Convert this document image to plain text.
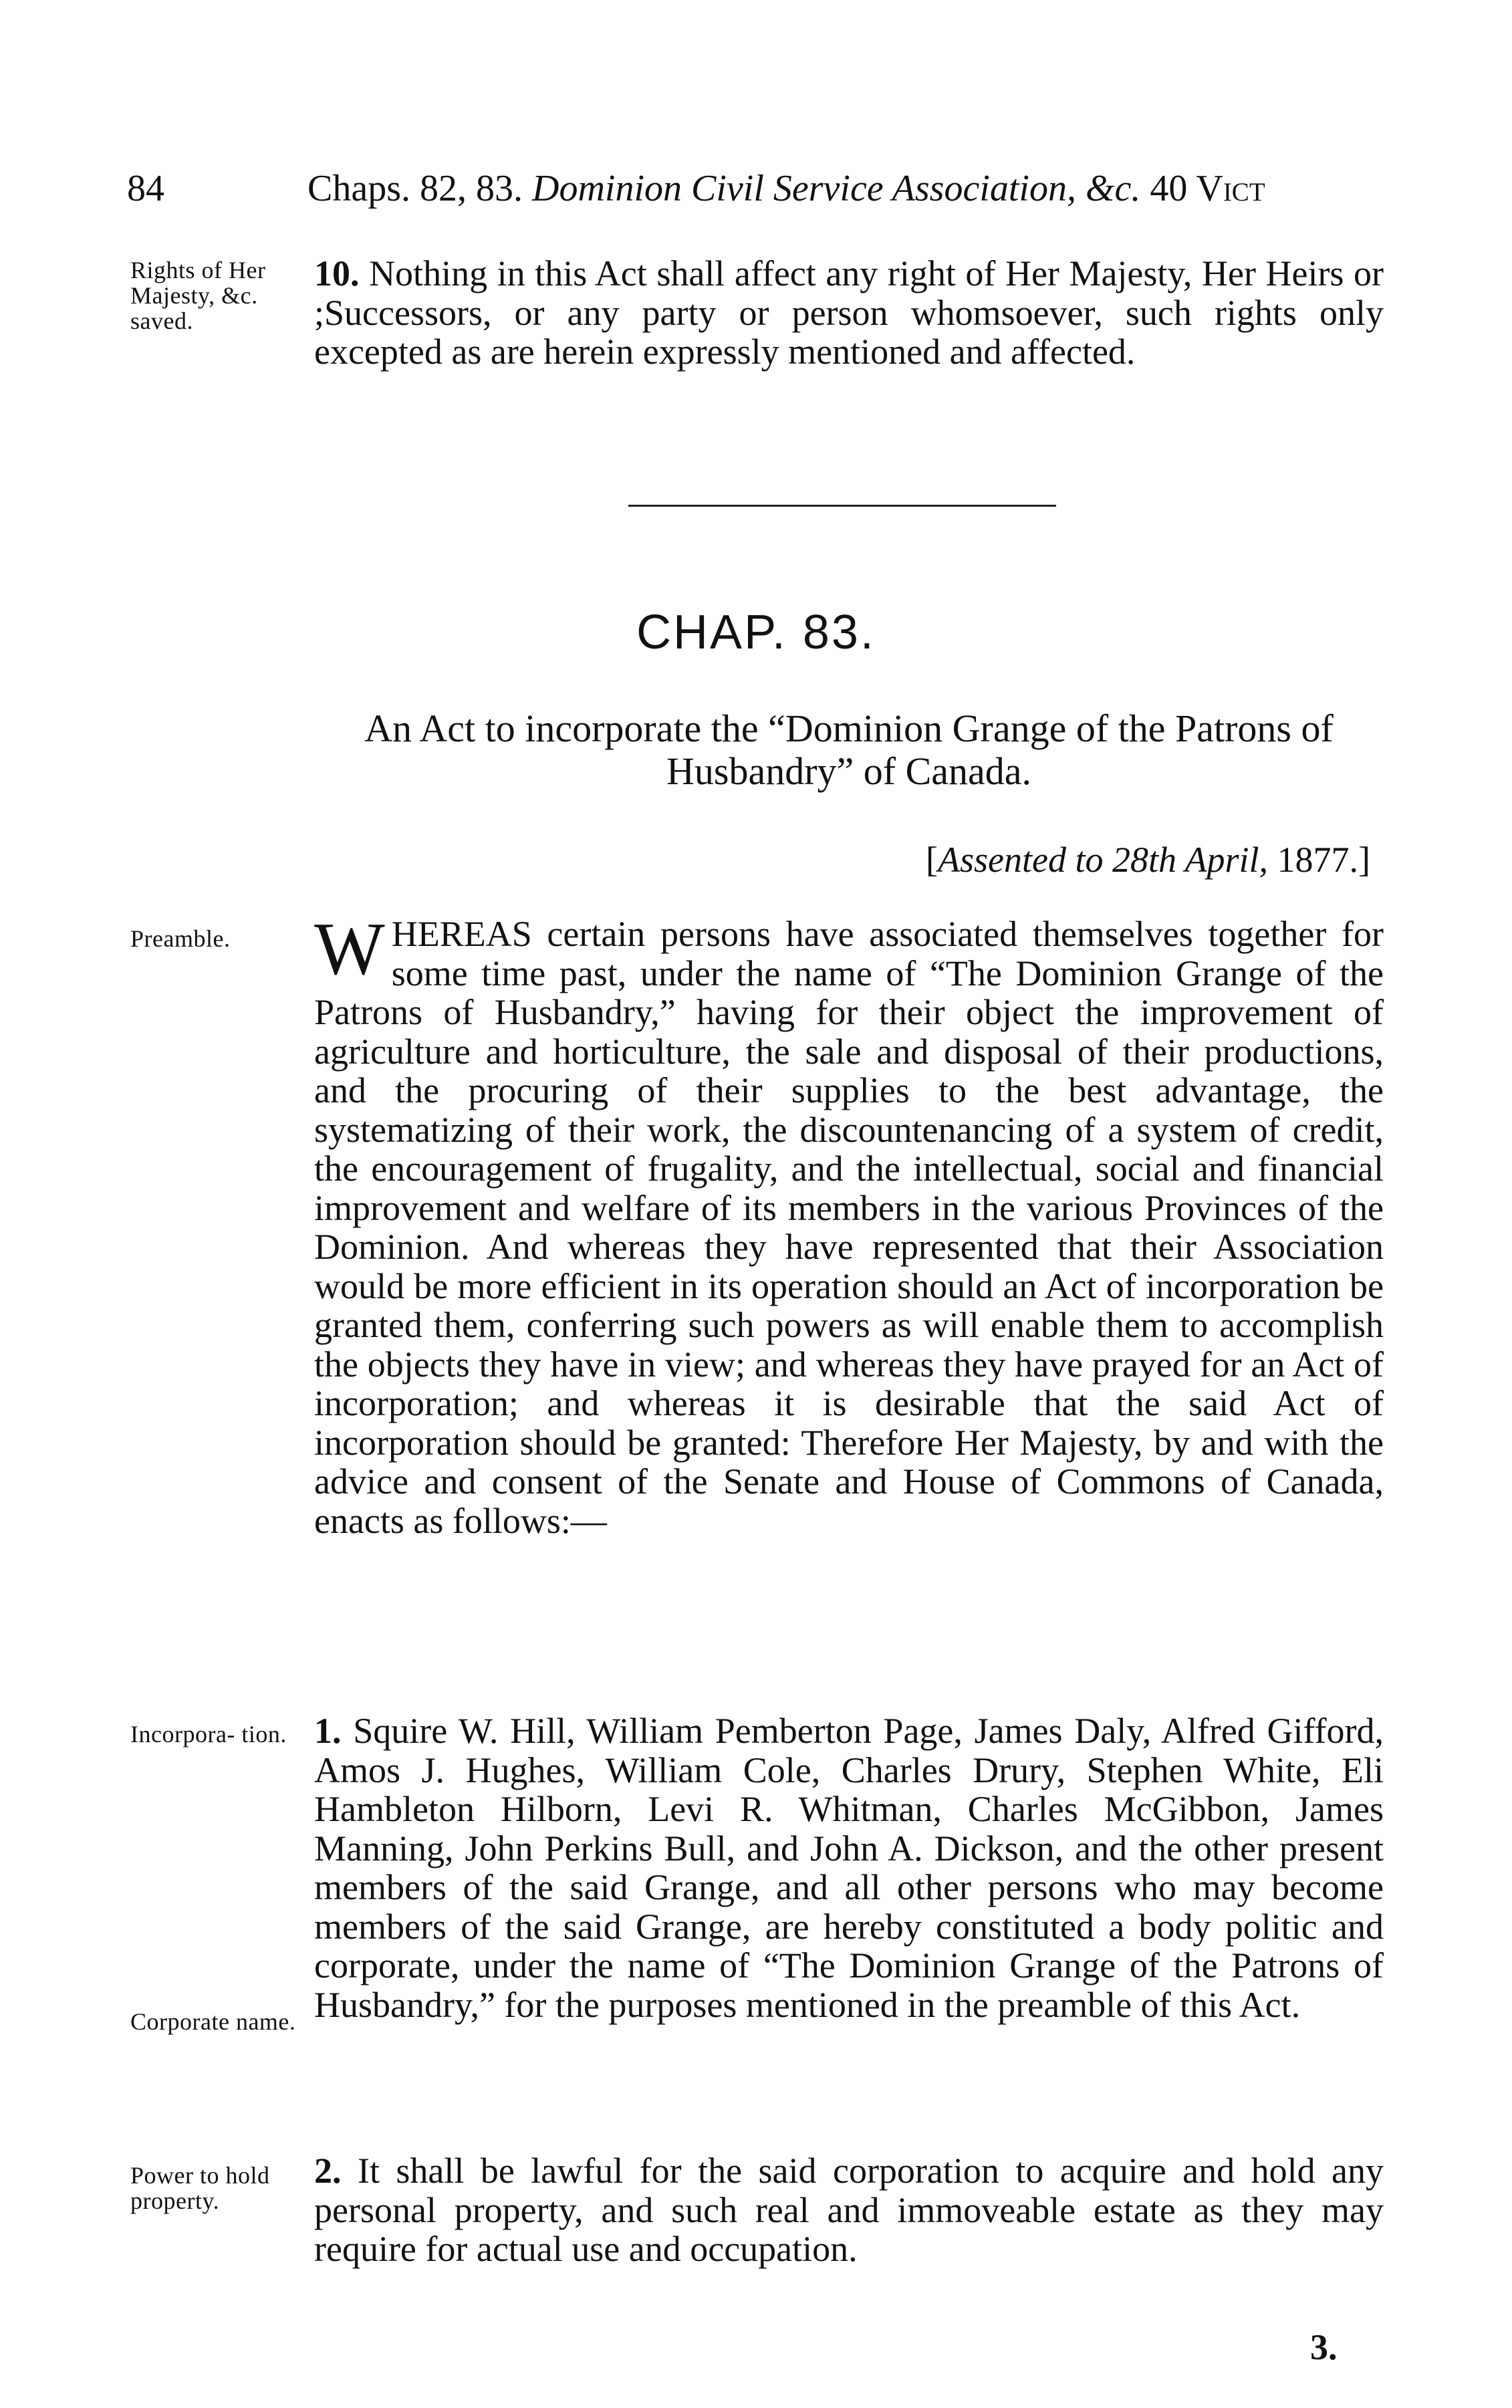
84	Chaps. 82, 83. Dominion Civil Service Association, &c. 40 Vict
Rights of Her Majesty, &c. saved.

10. Nothing in this Act shall affect any right of Her Majesty, Her Heirs or ;Successors, or any party or person whomsoever, such rights only excepted as are herein expressly mentioned and affected.

CHAP. 83.

An Act to incorporate the “Dominion Grange of the Patrons of Husbandry” of Canada.

[Assented to 28th April, 1877.]
Preamble.	W HEREAS certain persons have associated themselves together for some time past, under the name of “The Dominion Grange of the Patrons of Husbandry,” having for their object the improvement of agriculture and horticulture, the sale and disposal of their productions, and the procuring of their supplies to the best advantage, the systematizing of their work, the discountenancing of a system of credit, the encouragement of frugality, and the intellectual, social and financial improvement and welfare of its members in the various Provinces of the Dominion. And whereas they have represented that their Association would be more efficient in its operation should an Act of incorporation be granted them, conferring such powers as will enable them to accomplish the objects they have in view; and whereas they have prayed for an Act of incorporation; and whereas it is desirable that the said Act of incorporation should be granted: Therefore Her Majesty, by and with the advice and consent of the Senate and House of Commons of Canada, enacts as follows:—

Incorpora- tion.
Corporate name.

1. Squire W. Hill, William Pemberton Page, James Daly, Alfred Gifford, Amos J. Hughes, William Cole, Charles Drury, Stephen White, Eli Hambleton Hilborn, Levi R. Whitman, Charles McGibbon, James Manning, John Perkins Bull, and John A. Dickson, and the other present members of the said Grange, and all other persons who may become members of the said Grange, are hereby constituted a body politic and corporate, under the name of “The Dominion Grange of the Patrons of Husbandry,” for the purposes mentioned in the preamble of this Act.

Power to hold property.

2. It shall be lawful for the said corporation to acquire and hold any personal property, and such real and immoveable estate as they may require for actual use and occupation.

3.
